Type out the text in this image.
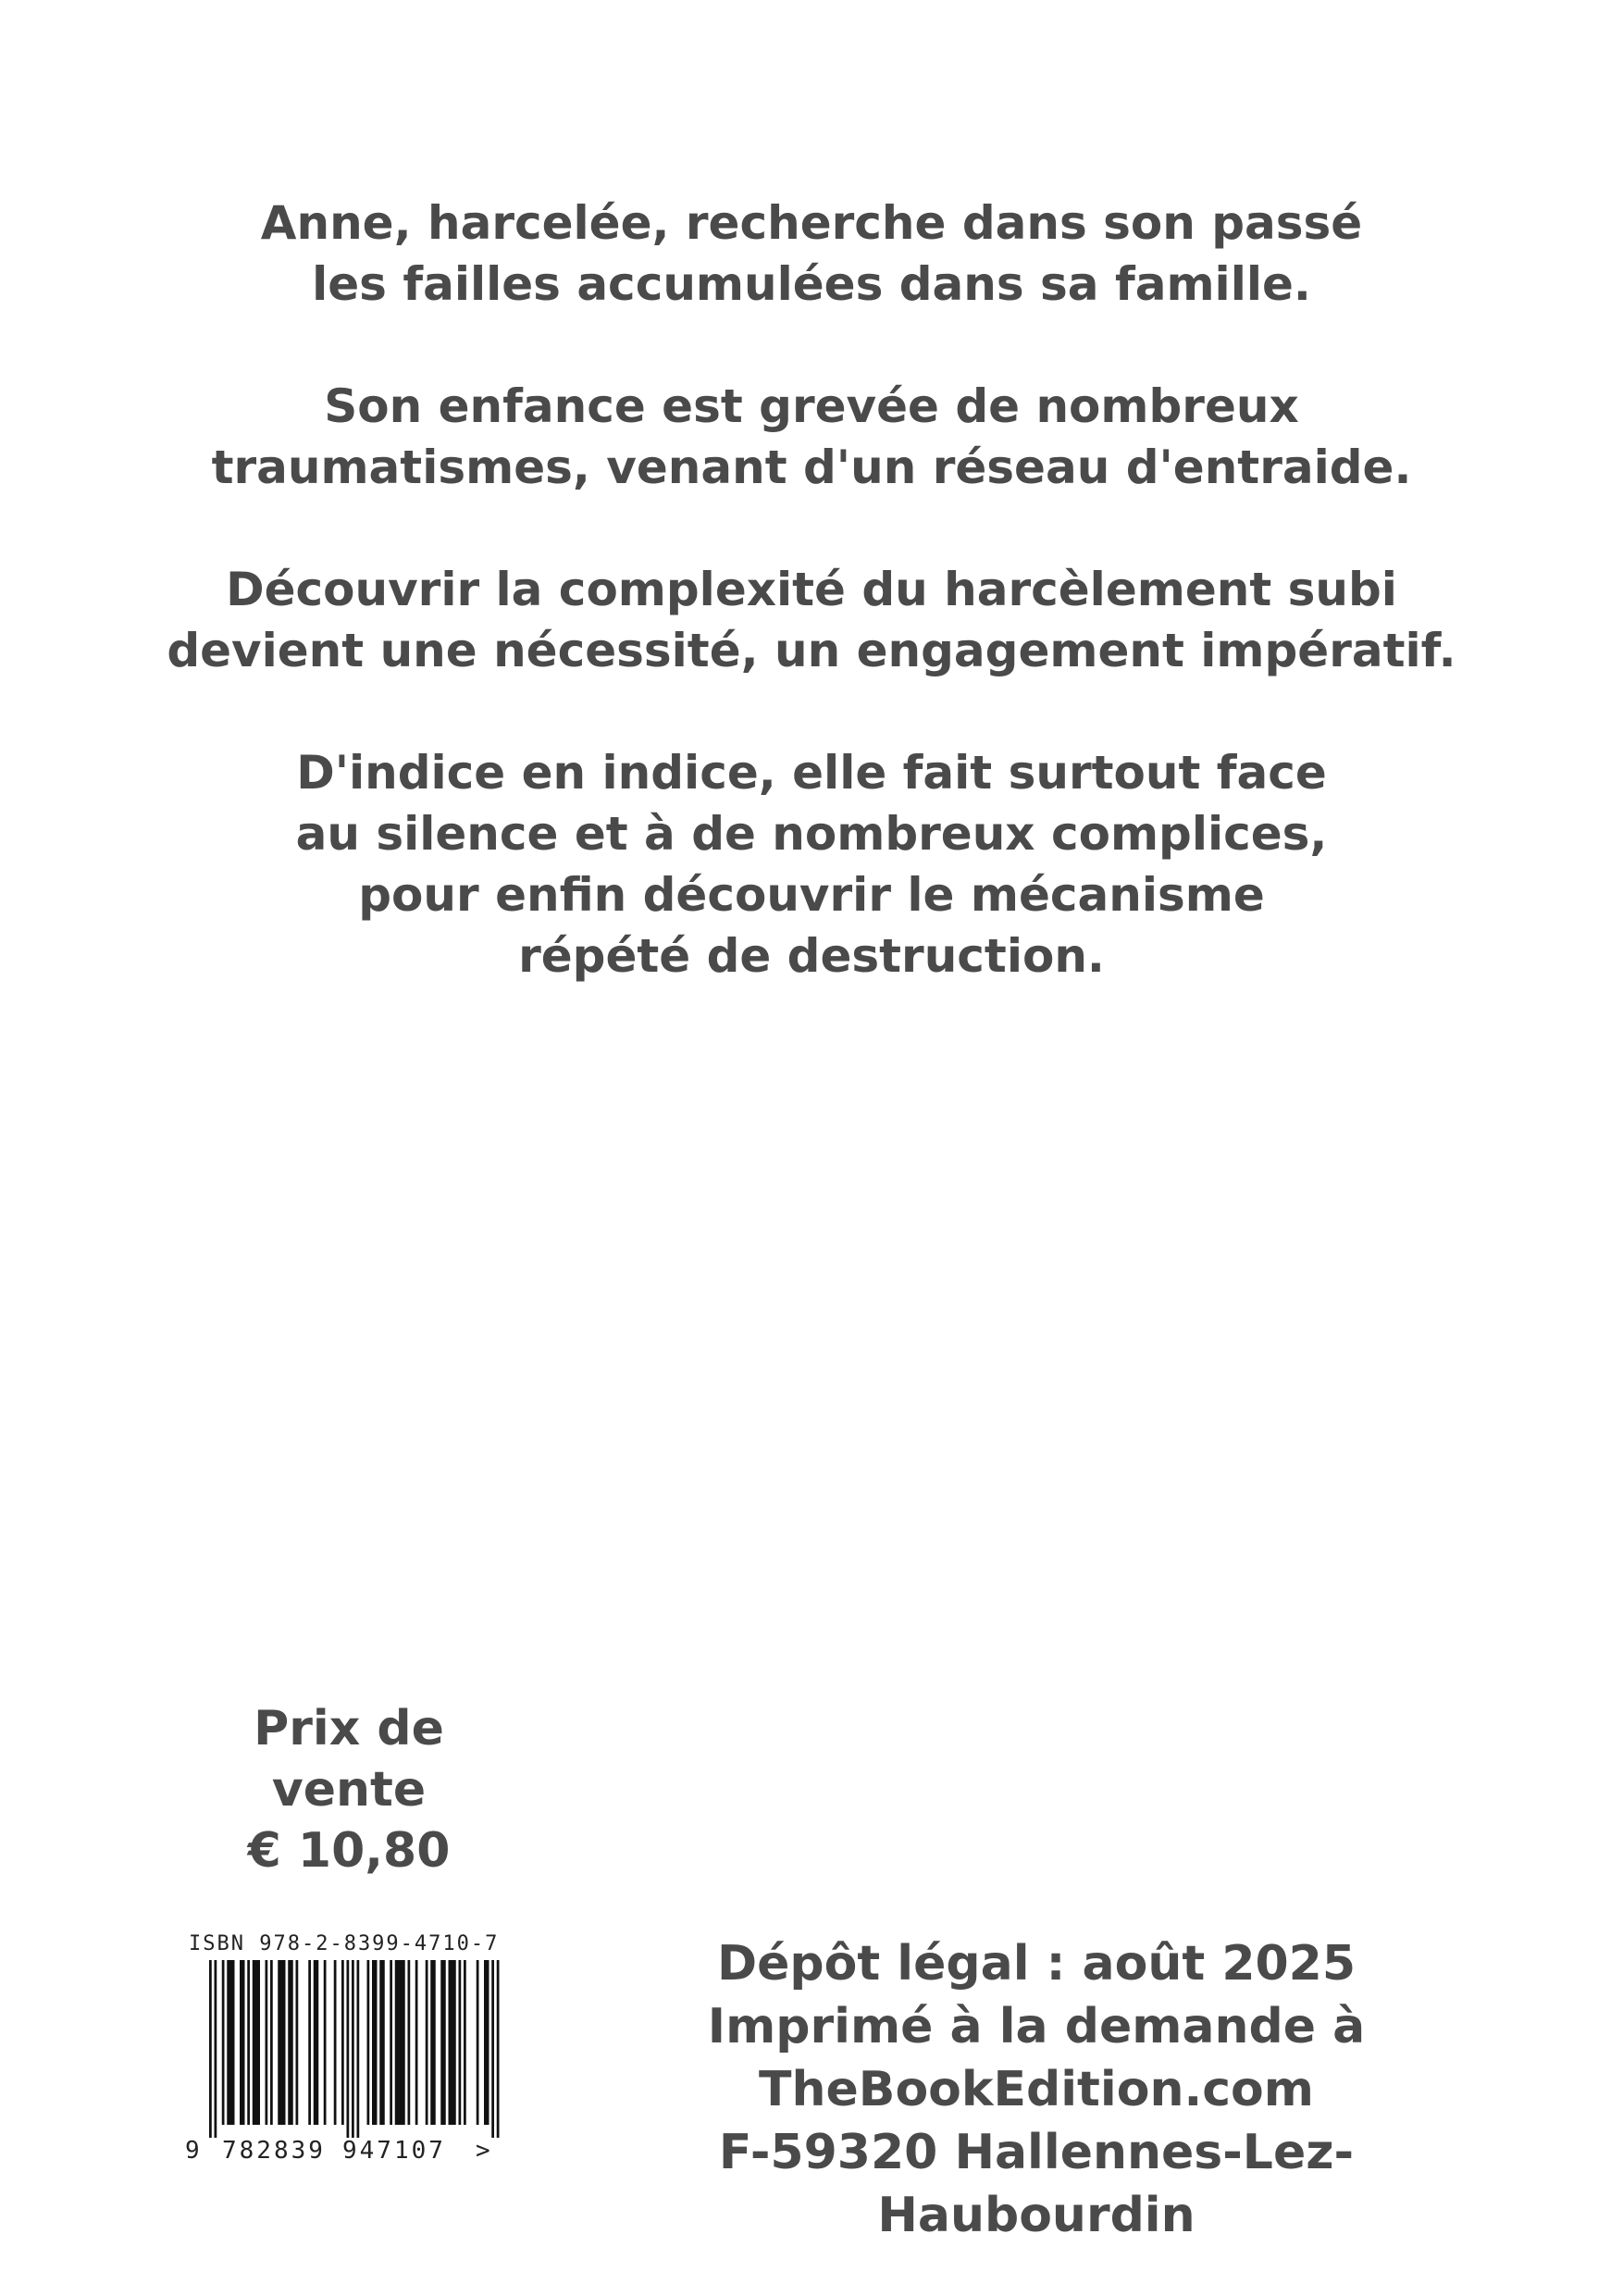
Anne, harcelée, recherche dans son passé
les failles accumulées dans sa famille.

Son enfance est grevée de nombreux
traumatismes, venant d'un réseau d'entraide.

Découvrir la complexité du harcèlement subi
devient une nécessité, un engagement impératif.

D'indice en indice, elle fait surtout face
au silence et à de nombreux complices,
pour enfin découvrir le mécanisme
répété de destruction.

Prix de vente
€ 10,80
ISBN 978-2-8399-4710-7
9 782839 947107 >
Dépôt légal : août 2025
Imprimé à la demande à
TheBookEdition.com
F-59320 Hallennes-Lez-Haubourdin
